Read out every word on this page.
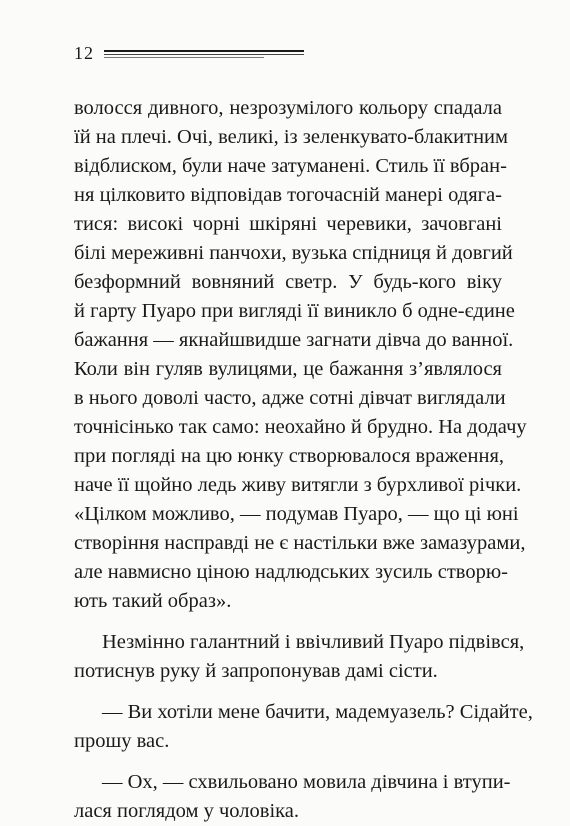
12
волосся дивного, незрозумілого кольору спадала
їй на плечі. Очі, великі, із зеленкувато-блакитним
відблиском, були наче затуманені. Стиль її вбран-
ня цілковито відповідав тогочасній манері одяга-
тися: високі чорні шкіряні черевики, зачовгані
білі мереживні панчохи, вузька спідниця й довгий
безформний вовняний светр. У будь-кого віку
й гарту Пуаро при вигляді її виникло б одне-єдине
бажання — якнайшвидше загнати дівча до ванної.
Коли він гуляв вулицями, це бажання з’являлося
в нього доволі часто, адже сотні дівчат виглядали
точнісінько так само: неохайно й брудно. На додачу
при погляді на цю юнку створювалося враження,
наче її щойно ледь живу витягли з бурхливої річки.
«Цілком можливо, — подумав Пуаро, — що ці юні
створіння насправді не є настільки вже замазурами,
але навмисно ціною надлюдських зусиль створю-
ють такий образ».
Незмінно галантний і ввічливий Пуаро підвівся,
потиснув руку й запропонував дамі сісти.
— Ви хотіли мене бачити, мадемуазель? Сідайте,
прошу вас.
— Ох, — схвильовано мовила дівчина і втупи-
лася поглядом у чоловіка.
